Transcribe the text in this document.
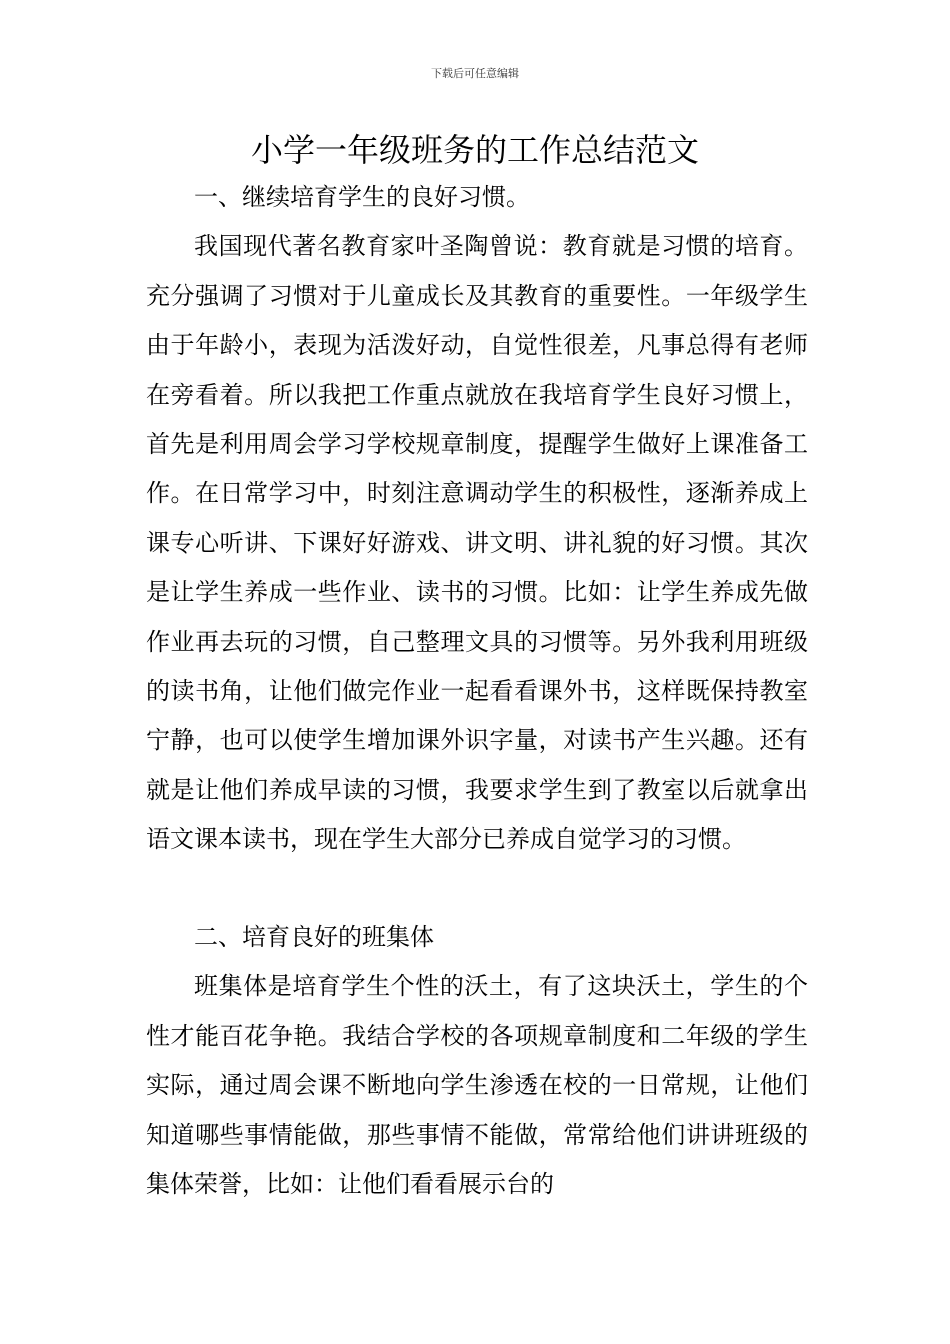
下载后可任意编辑
小学一年级班务的工作总结范文

一、继续培育学生的良好习惯。

我国现代著名教育家叶圣陶曾说：教育就是习惯的培育。充分强调了习惯对于儿童成长及其教育的重要性。一年级学生由于年龄小，表现为活泼好动，自觉性很差，凡事总得有老师在旁看着。所以我把工作重点就放在我培育学生良好习惯上，首先是利用周会学习学校规章制度，提醒学生做好上课准备工作。在日常学习中，时刻注意调动学生的积极性，逐渐养成上课专心听讲、下课好好游戏、讲文明、讲礼貌的好习惯。其次是让学生养成一些作业、读书的习惯。比如：让学生养成先做作业再去玩的习惯，自己整理文具的习惯等。另外我利用班级的读书角，让他们做完作业一起看看课外书，这样既保持教室宁静，也可以使学生增加课外识字量，对读书产生兴趣。还有就是让他们养成早读的习惯，我要求学生到了教室以后就拿出语文课本读书，现在学生大部分已养成自觉学习的习惯。

二、培育良好的班集体

班集体是培育学生个性的沃土，有了这块沃土，学生的个性才能百花争艳。我结合学校的各项规章制度和二年级的学生实际，通过周会课不断地向学生渗透在校的一日常规，让他们知道哪些事情能做，那些事情不能做，常常给他们讲讲班级的集体荣誉，比如：让他们看看展示台的
